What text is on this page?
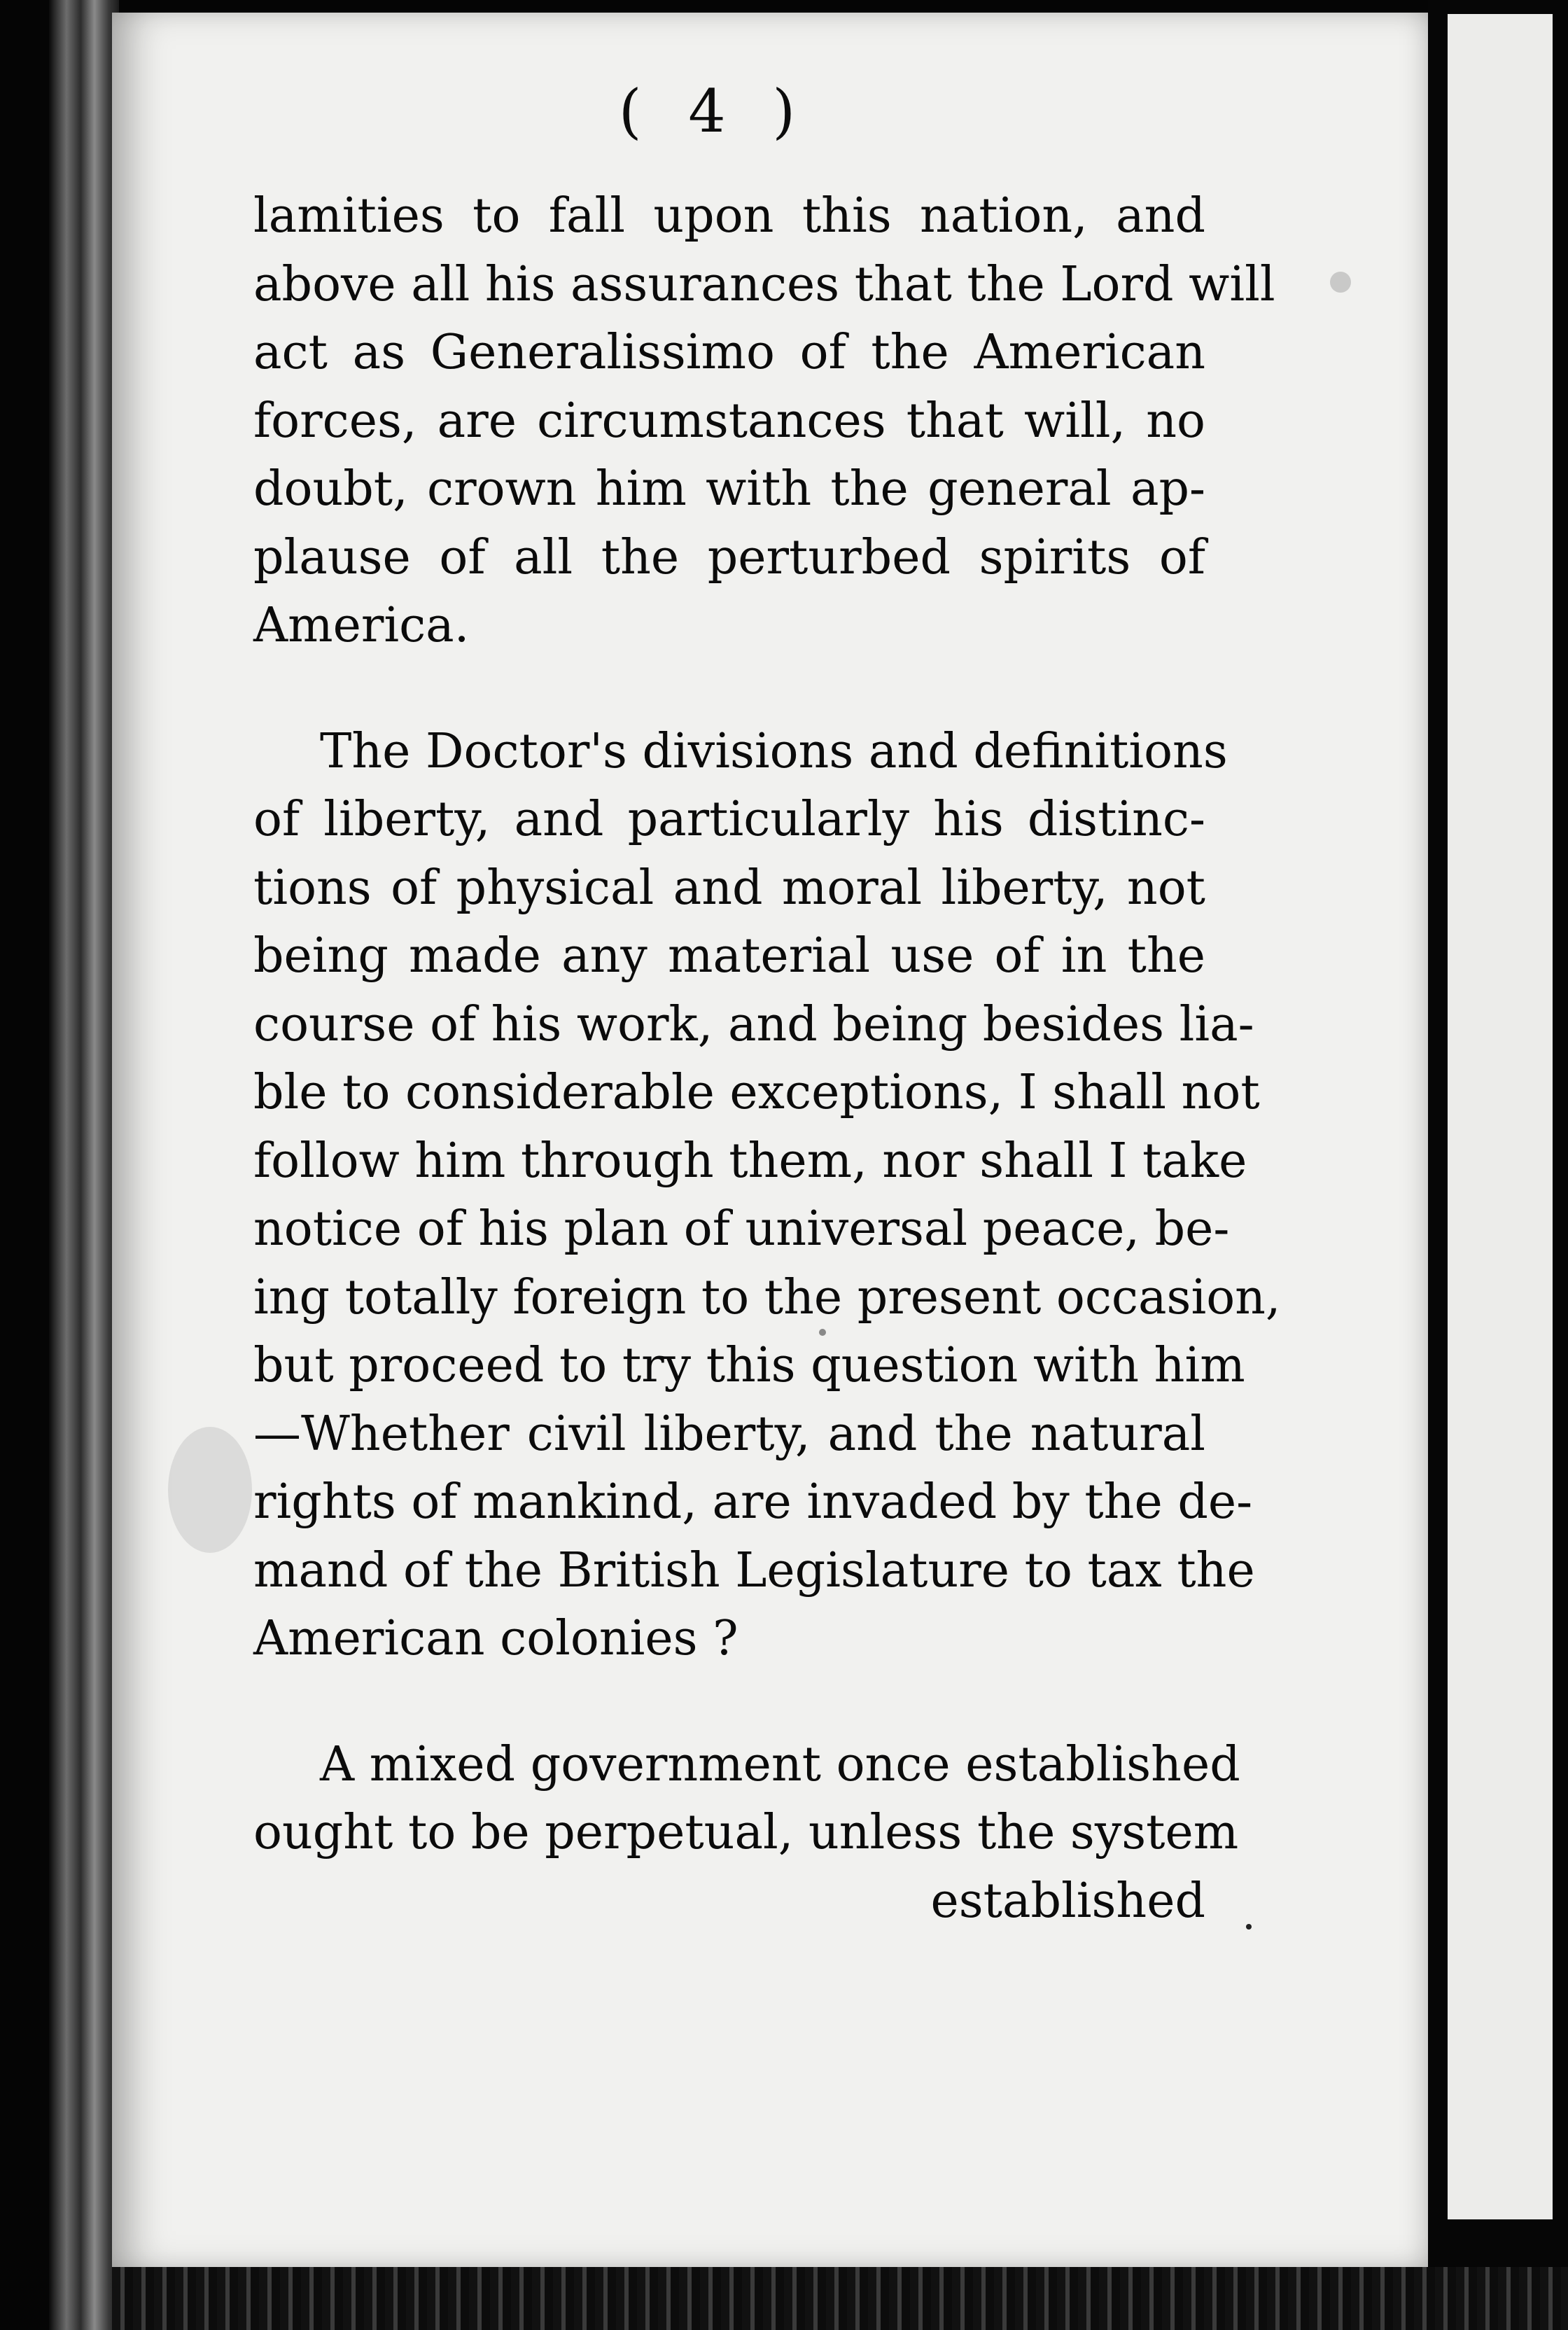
( 4 )
lamities to fall upon this nation, and
above all his assurances that the Lord will
act as Generalissimo of the American
forces, are circumstances that will, no
doubt, crown him with the general ap-
plause of all the perturbed spirits of
America.
The Doctor's divisions and definitions
of liberty, and particularly his distinc-
tions of physical and moral liberty, not
being made any material use of in the
course of his work, and being besides lia-
ble to considerable exceptions, I shall not
follow him through them, nor shall I take
notice of his plan of universal peace, be-
ing totally foreign to the present occasion,
but proceed to try this question with him
—Whether civil liberty, and the natural
rights of mankind, are invaded by the de-
mand of the British Legislature to tax the
American colonies ?
A mixed government once established
ought to be perpetual, unless the system
established
